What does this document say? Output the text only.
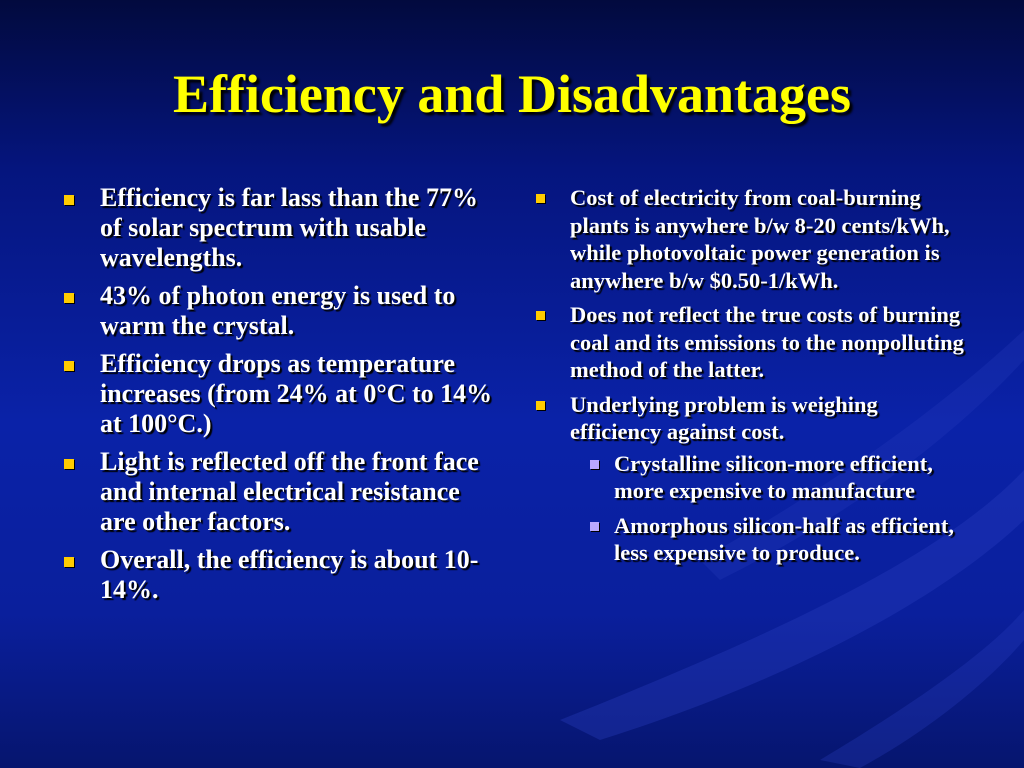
Efficiency and Disadvantages
Efficiency is far lass than the 77% of solar spectrum with usable wavelengths.
43% of photon energy is used to warm the crystal.
Efficiency drops as temperature increases (from 24% at 0°C to 14% at 100°C.)
Light is reflected off the front face and internal electrical resistance are other factors.
Overall, the efficiency is about 10-14%.
Cost of electricity from coal-burning plants is anywhere b/w 8-20 cents/kWh, while photovoltaic power generation is anywhere b/w $0.50-1/kWh.
Does not reflect the true costs of burning coal and its emissions to the nonpolluting method of the latter.
Underlying problem is weighing efficiency against cost.
Crystalline silicon-more efficient, more expensive to manufacture
Amorphous silicon-half as efficient, less expensive to produce.
